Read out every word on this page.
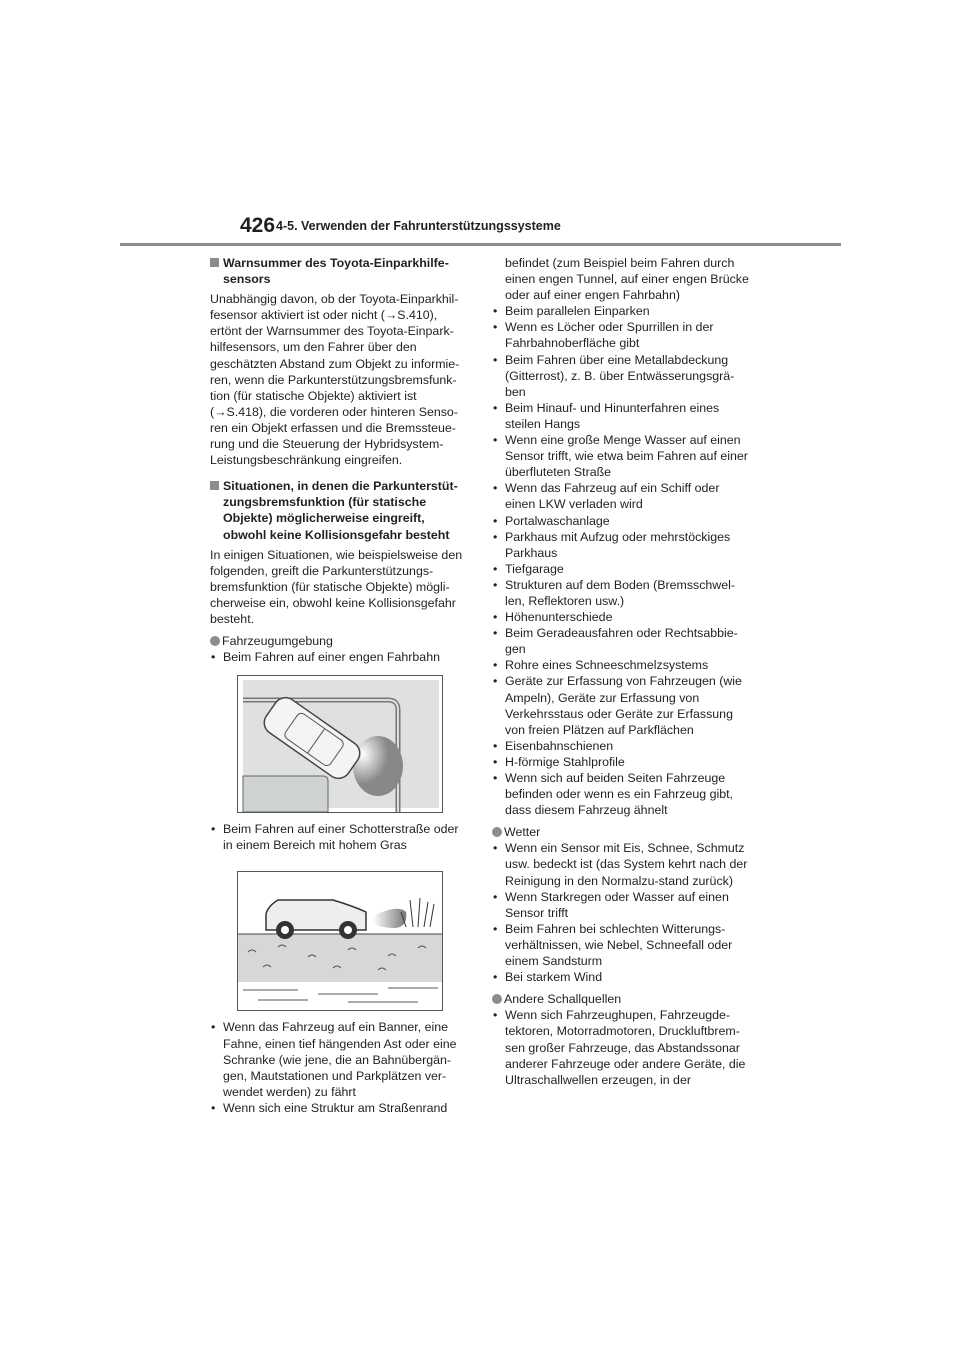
426 4-5. Verwenden der Fahrunterstützungssysteme
Warnsummer des Toyota-Einparkhilfe-sensors

Unabhängig davon, ob der Toyota-Einparkhil-fesensor aktiviert ist oder nicht (→S.410), ertönt der Warnsummer des Toyota-Einpark-hilfesensors, um den Fahrer über den geschätzten Abstand zum Objekt zu informie-ren, wenn die Parkunterstützungsbremsfunk-tion (für statische Objekte) aktiviert ist (→S.418), die vorderen oder hinteren Senso-ren ein Objekt erfassen und die Bremssteue-rung und die Steuerung der Hybridsystem-Leistungsbeschränkung eingreifen.

Situationen, in denen die Parkunterstüt-zungsbremsfunktion (für statische Objekte) möglicherweise eingreift, obwohl keine Kollisionsgefahr besteht

In einigen Situationen, wie beispielsweise den folgenden, greift die Parkunterstützungs-bremsfunktion (für statische Objekte) mögli-cherweise ein, obwohl keine Kollisionsgefahr besteht.

Fahrzeugumgebung
• Beim Fahren auf einer engen Fahrbahn
• Beim Fahren auf einer Schotterstraße oder in einem Bereich mit hohem Gras
• Wenn das Fahrzeug auf ein Banner, eine Fahne, einen tief hängenden Ast oder eine Schranke (wie jene, die an Bahnübergän-gen, Mautstationen und Parkplätzen ver-wendet werden) zu fährt
• Wenn sich eine Struktur am Straßenrand
befindet (zum Beispiel beim Fahren durch einen engen Tunnel, auf einer engen Brücke oder auf einer engen Fahrbahn)
• Beim parallelen Einparken
• Wenn es Löcher oder Spurrillen in der Fahrbahnoberfläche gibt
• Beim Fahren über eine Metallabdeckung (Gitterrost), z. B. über Entwässerungsgrä-ben
• Beim Hinauf- und Hinunterfahren eines steilen Hangs
• Wenn eine große Menge Wasser auf einen Sensor trifft, wie etwa beim Fahren auf einer überfluteten Straße
• Wenn das Fahrzeug auf ein Schiff oder einen LKW verladen wird
• Portalwaschanlage
• Parkhaus mit Aufzug oder mehrstöckiges Parkhaus
• Tiefgarage
• Strukturen auf dem Boden (Bremsschwel-len, Reflektoren usw.)
• Höhenunterschiede
• Beim Geradeausfahren oder Rechtsabbie-gen
• Rohre eines Schneeschmelzsystems
• Geräte zur Erfassung von Fahrzeugen (wie Ampeln), Geräte zur Erfassung von Verkehrsstaus oder Geräte zur Erfassung von freien Plätzen auf Parkflächen
• Eisenbahnschienen
• H-förmige Stahlprofile
• Wenn sich auf beiden Seiten Fahrzeuge befinden oder wenn es ein Fahrzeug gibt, dass diesem Fahrzeug ähnelt
Wetter
• Wenn ein Sensor mit Eis, Schnee, Schmutz usw. bedeckt ist (das System kehrt nach der Reinigung in den Normalzu-stand zurück)
• Wenn Starkregen oder Wasser auf einen Sensor trifft
• Beim Fahren bei schlechten Witterungs-verhältnissen, wie Nebel, Schneefall oder einem Sandsturm
• Bei starkem Wind
Andere Schallquellen
• Wenn sich Fahrzeughupen, Fahrzeugde-tektoren, Motorradmotoren, Druckluftbrem-sen großer Fahrzeuge, das Abstandssonar anderer Fahrzeuge oder andere Geräte, die Ultraschallwellen erzeugen, in der
